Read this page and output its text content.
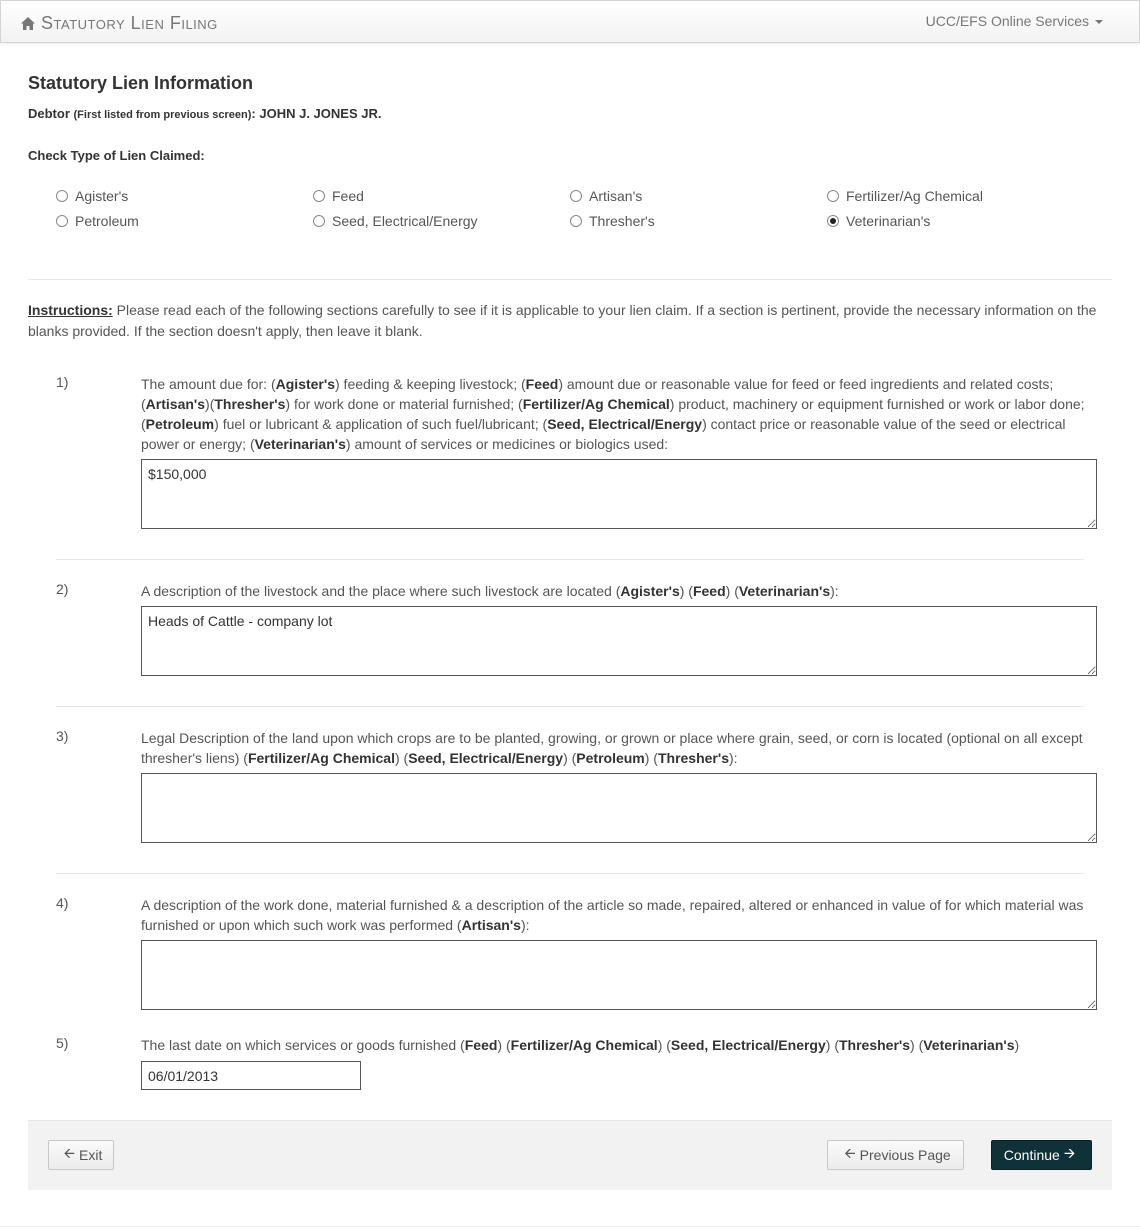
Statutory Lien Filing	UCC/EFS Online Services
Statutory Lien Information
Debtor (First listed from previous screen): JOHN J. JONES JR.
Check Type of Lien Claimed:
Agister's	Feed	Artisan's	Fertilizer/Ag Chemical
Petroleum	Seed, Electrical/Energy	Thresher's	Veterinarian's
Instructions: Please read each of the following sections carefully to see if it is applicable to your lien claim. If a section is pertinent, provide the necessary information on the blanks provided. If the section doesn't apply, then leave it blank.
1)	The amount due for: (Agister's) feeding & keeping livestock; (Feed) amount due or reasonable value for feed or feed ingredients and related costs; (Artisan's)(Thresher's) for work done or material furnished; (Fertilizer/Ag Chemical) product, machinery or equipment furnished or work or labor done; (Petroleum) fuel or lubricant & application of such fuel/lubricant; (Seed, Electrical/Energy) contact price or reasonable value of the seed or electrical power or energy; (Veterinarian's) amount of services or medicines or biologics used:
$150,000
2)	A description of the livestock and the place where such livestock are located (Agister's) (Feed) (Veterinarian's):
Heads of Cattle - company lot
3)	Legal Description of the land upon which crops are to be planted, growing, or grown or place where grain, seed, or corn is located (optional on all except thresher's liens) (Fertilizer/Ag Chemical) (Seed, Electrical/Energy) (Petroleum) (Thresher's):
4)	A description of the work done, material furnished & a description of the article so made, repaired, altered or enhanced in value of for which material was furnished or upon which such work was performed (Artisan's):
5)	The last date on which services or goods furnished (Feed) (Fertilizer/Ag Chemical) (Seed, Electrical/Energy) (Thresher's) (Veterinarian's)
06/01/2013
🡨 Exit	🡨 Previous Page	Continue 🡪
